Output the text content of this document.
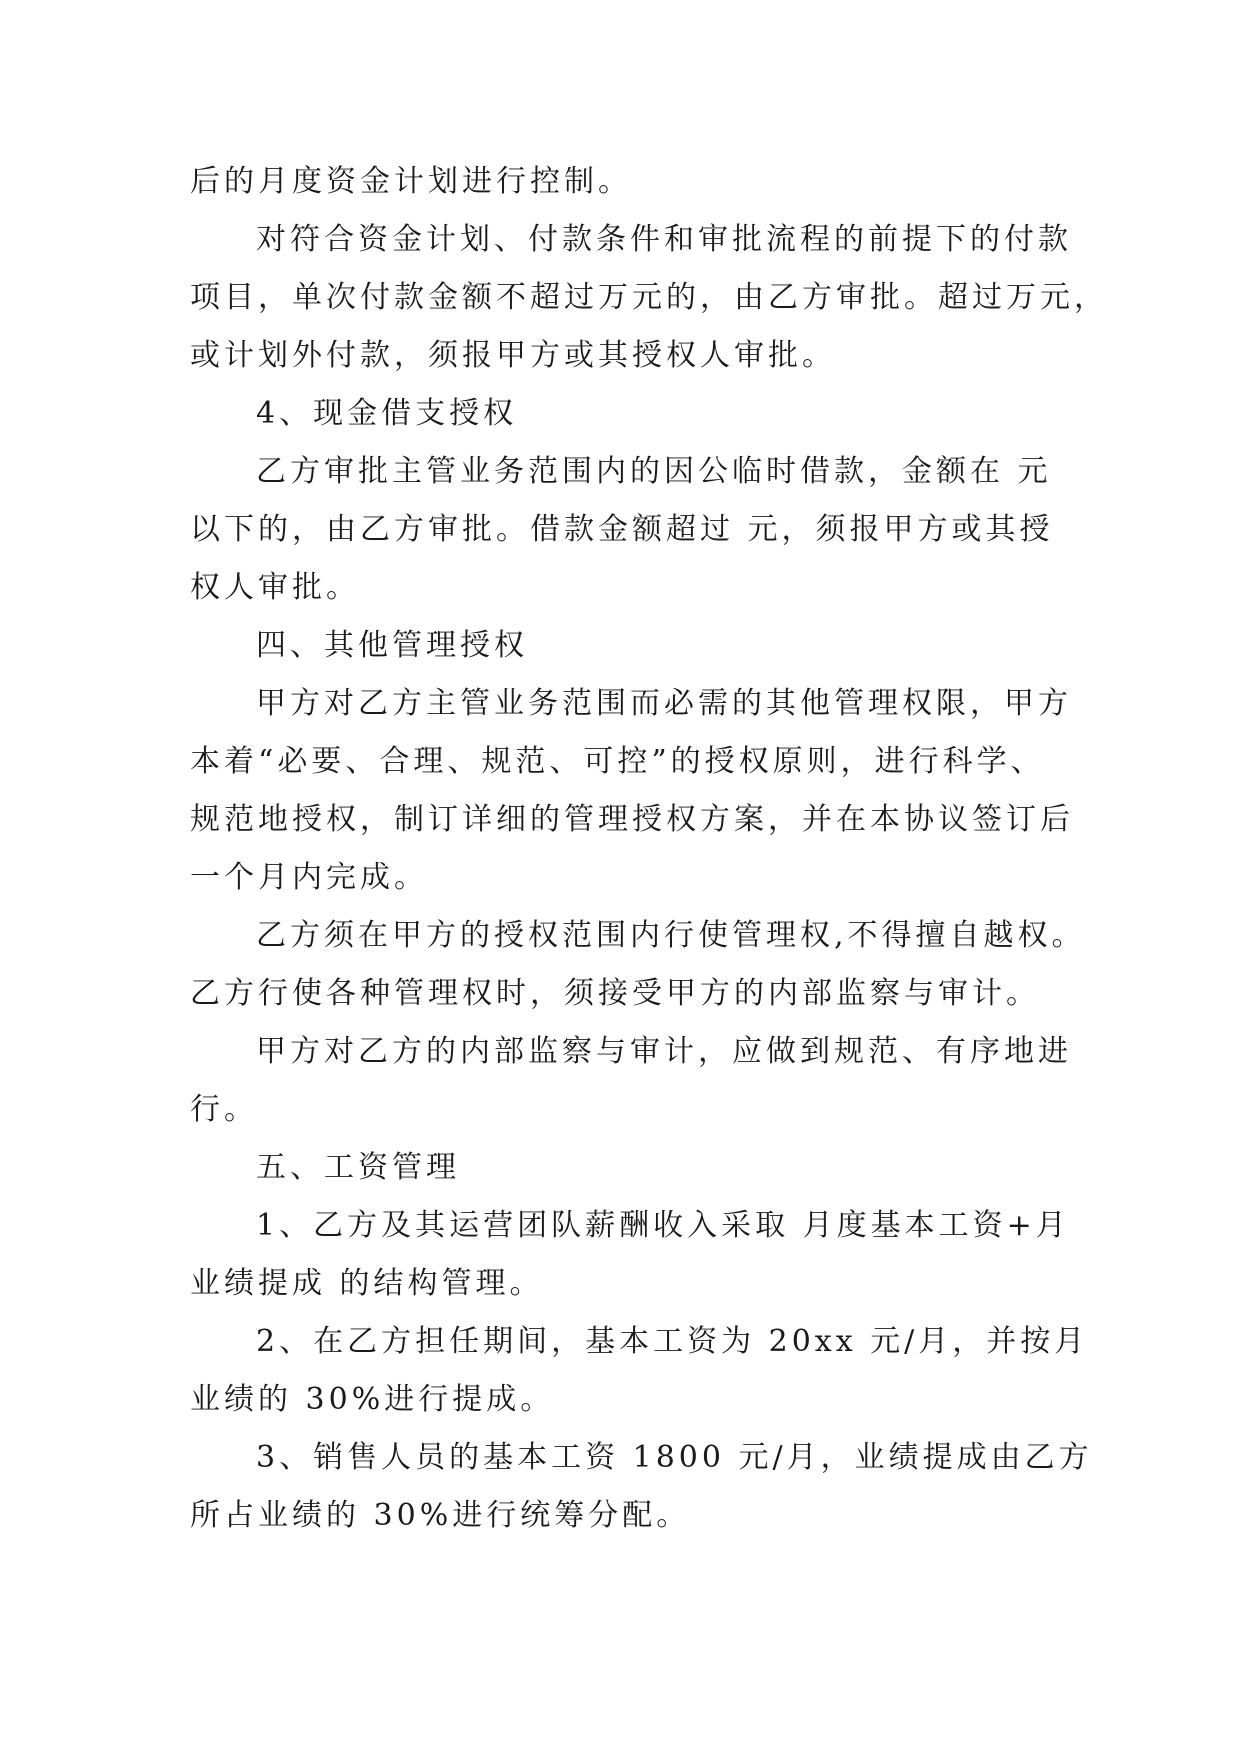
后的月度资金计划进行控制。

对符合资金计划、付款条件和审批流程的前提下的付款

项目，单次付款金额不超过万元的，由乙方审批。超过万元，

或计划外付款，须报甲方或其授权人审批。

4、现金借支授权

乙方审批主管业务范围内的因公临时借款，金额在 元

以下的，由乙方审批。借款金额超过 元，须报甲方或其授

权人审批。

四、其他管理授权

甲方对乙方主管业务范围而必需的其他管理权限，甲方

本着“必要、合理、规范、可控”的授权原则，进行科学、

规范地授权，制订详细的管理授权方案，并在本协议签订后

一个月内完成。

乙方须在甲方的授权范围内行使管理权,不得擅自越权。

乙方行使各种管理权时，须接受甲方的内部监察与审计。

甲方对乙方的内部监察与审计，应做到规范、有序地进

行。

五、工资管理

1、乙方及其运营团队薪酬收入采取 月度基本工资+月

业绩提成 的结构管理。

2、在乙方担任期间，基本工资为 20xx 元/月，并按月

业绩的 30%进行提成。

3、销售人员的基本工资 1800 元/月，业绩提成由乙方

所占业绩的 30%进行统筹分配。
